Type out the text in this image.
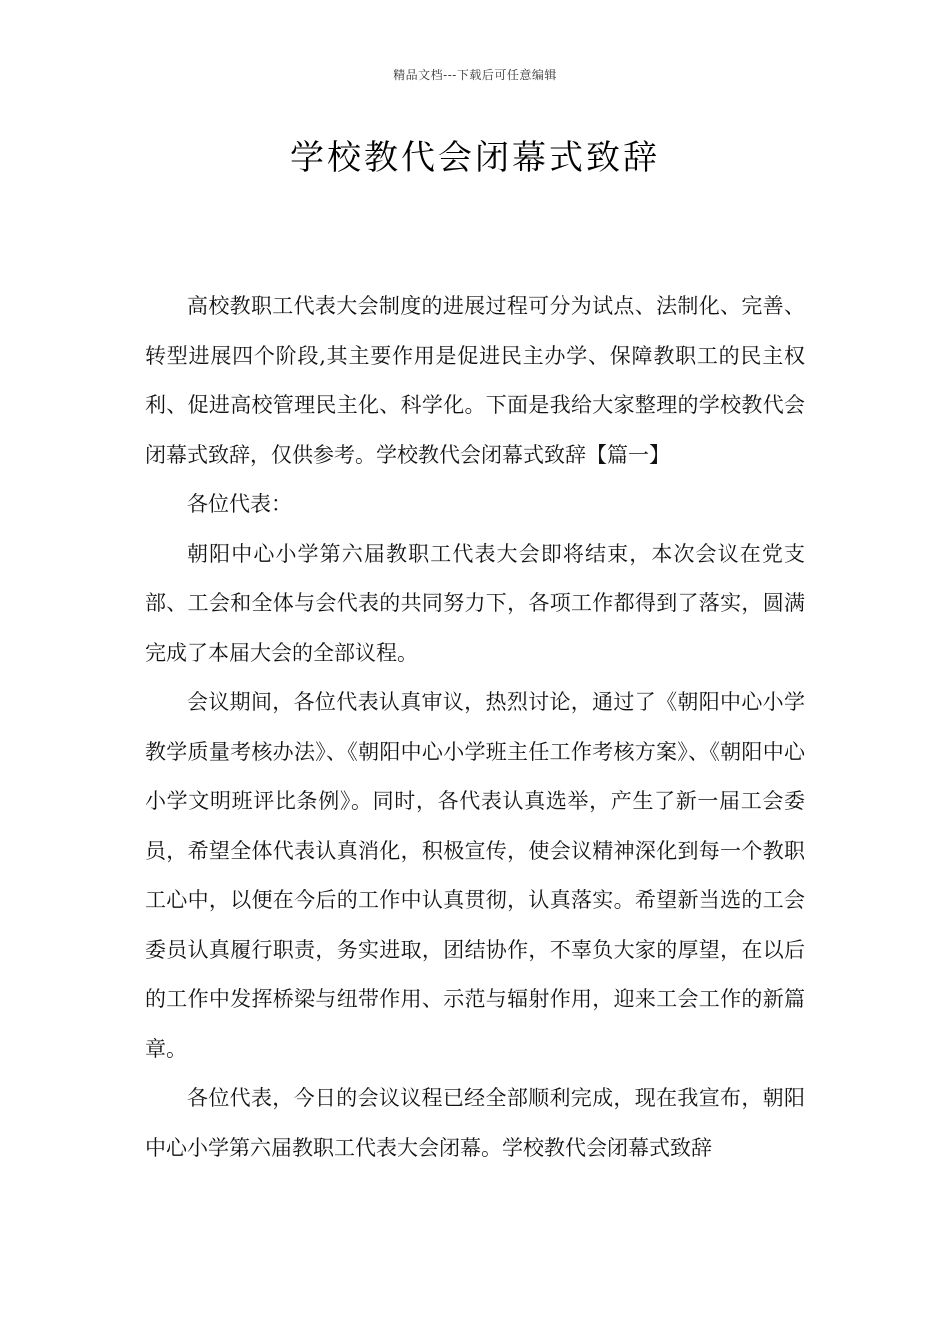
精品文档---下载后可任意编辑
学校教代会闭幕式致辞

高校教职工代表大会制度的进展过程可分为试点、法制化、完善、转型进展四个阶段,其主要作用是促进民主办学、保障教职工的民主权利、促进高校管理民主化、科学化。下面是我给大家整理的学校教代会闭幕式致辞，仅供参考。学校教代会闭幕式致辞【篇一】

各位代表：

朝阳中心小学第六届教职工代表大会即将结束，本次会议在党支部、工会和全体与会代表的共同努力下，各项工作都得到了落实，圆满完成了本届大会的全部议程。

会议期间，各位代表认真审议，热烈讨论，通过了《朝阳中心小学教学质量考核办法》、《朝阳中心小学班主任工作考核方案》、《朝阳中心小学文明班评比条例》。同时，各代表认真选举，产生了新一届工会委员，希望全体代表认真消化，积极宣传，使会议精神深化到每一个教职工心中，以便在今后的工作中认真贯彻，认真落实。希望新当选的工会委员认真履行职责，务实进取，团结协作，不辜负大家的厚望，在以后的工作中发挥桥梁与纽带作用、示范与辐射作用，迎来工会工作的新篇章。

各位代表，今日的会议议程已经全部顺利完成，现在我宣布，朝阳中心小学第六届教职工代表大会闭幕。学校教代会闭幕式致辞
